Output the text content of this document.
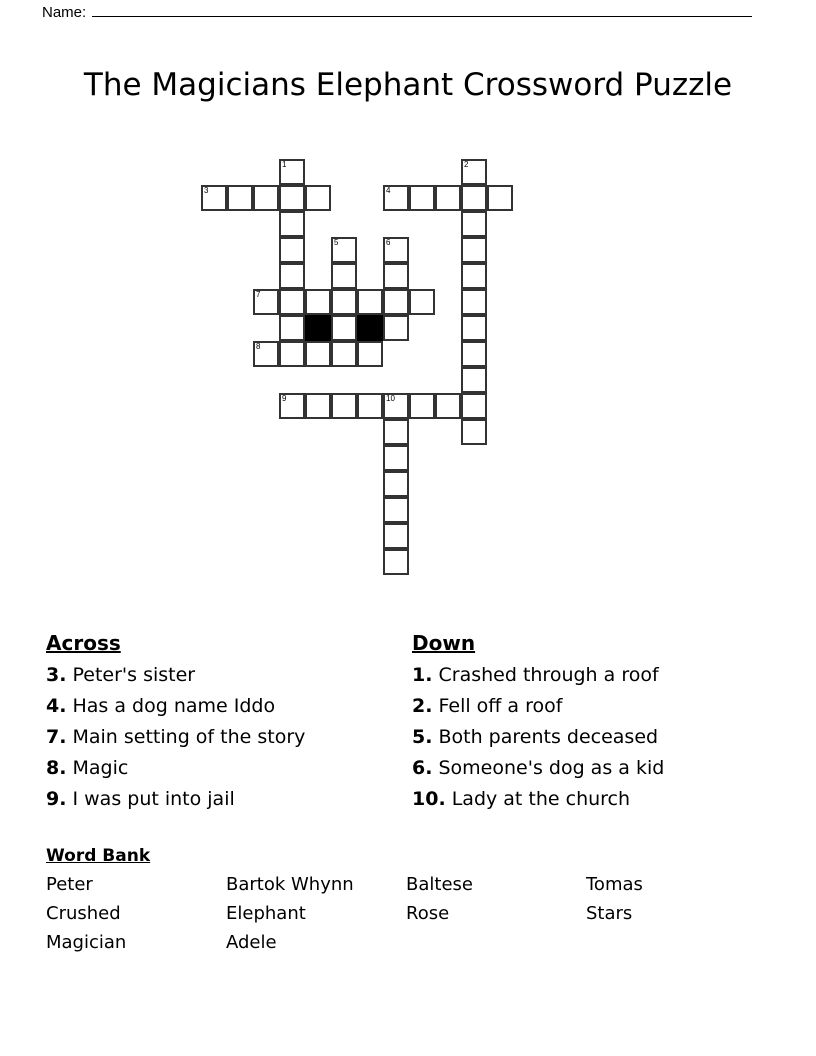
Name:
The Magicians Elephant Crossword Puzzle
1	2
3	4
5	6
7
8
9	10
Across
3. Peter's sister
4. Has a dog name Iddo
7. Main setting of the story
8. Magic
9. I was put into jail
Down
1. Crashed through a roof
2. Fell off a roof
5. Both parents deceased
6. Someone's dog as a kid
10. Lady at the church
Word Bank
Peter
Crushed
Magician
Bartok Whynn
Elephant
Adele
Baltese
Rose

Tomas
Stars
